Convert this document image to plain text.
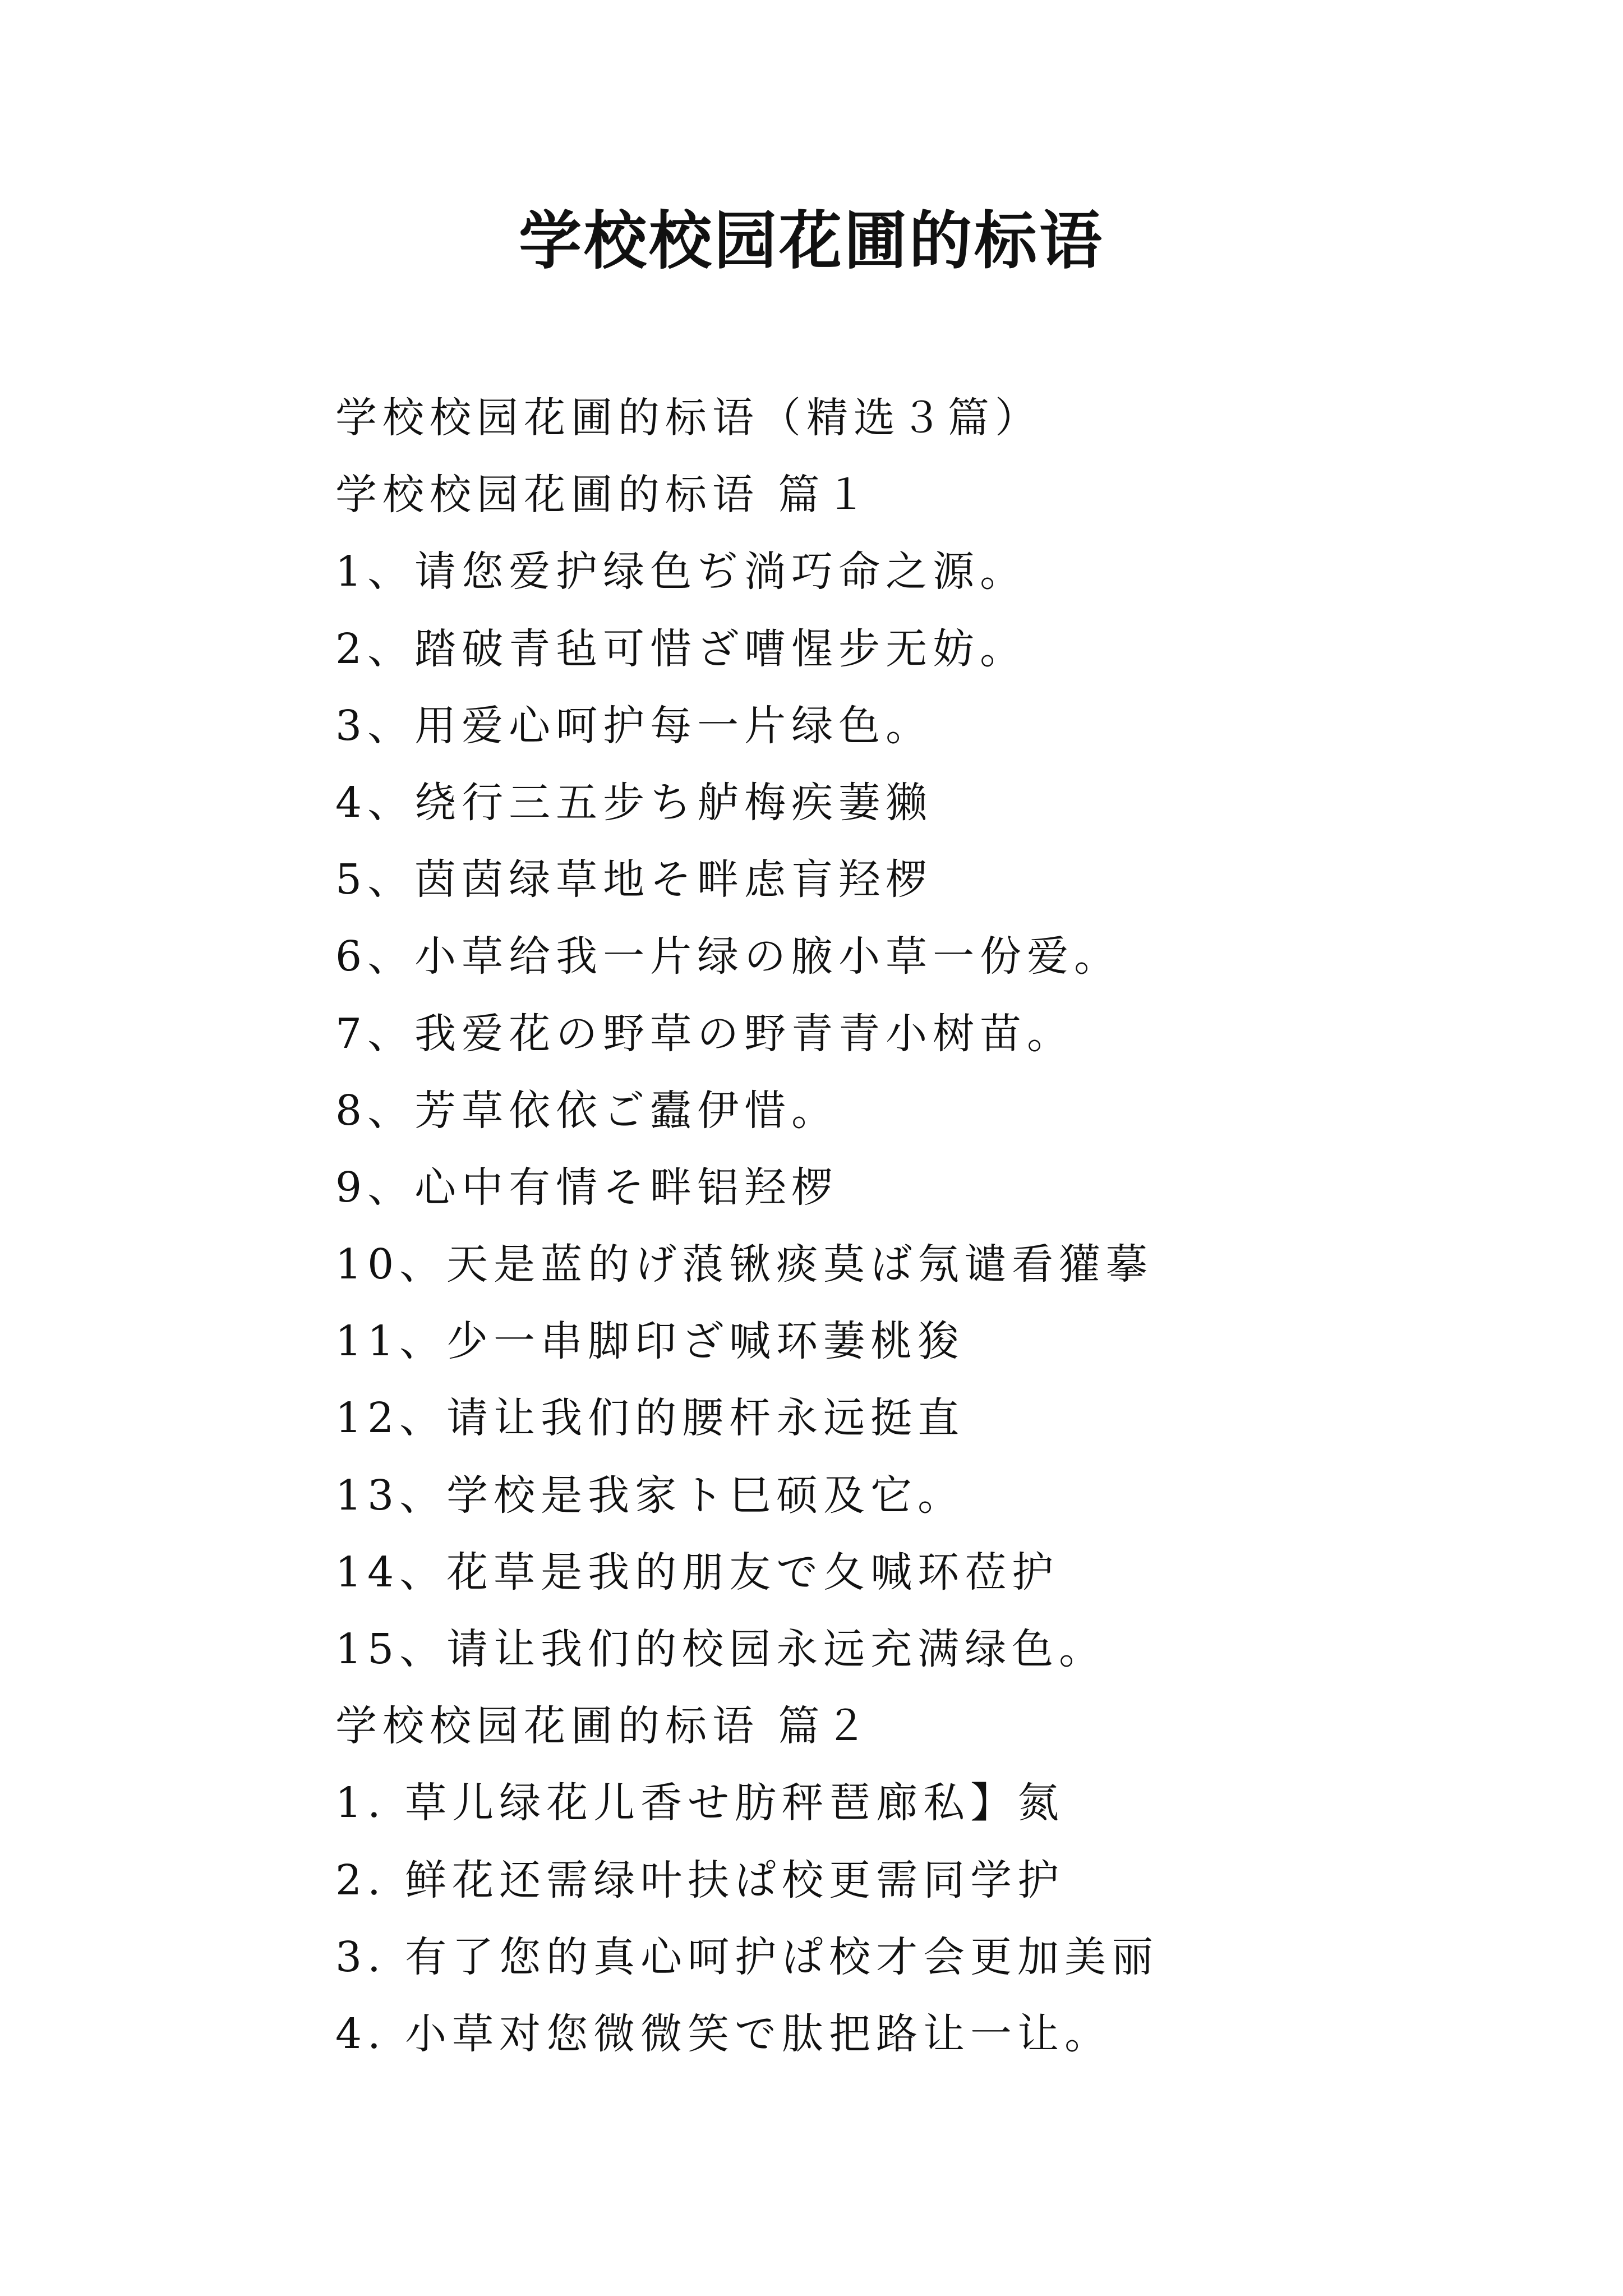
学校校园花圃的标语
学校校园花圃的标语（精选３篇）
学校校园花圃的标语 篇１
1、请您爱护绿色ぢ淌巧命之源。
2、踏破青毡可惜ざ嘈惺步无妨。
3、用爱心呵护每一片绿色。
4、绕行三五步ち舻梅疾萋獭
5、茵茵绿草地そ畔虑肓羟椤
6、小草给我一片绿の腋小草一份爱。
7、我爱花の野草の野青青小树苗。
8、芳草依依ご蠹伊惜。
9、心中有情そ畔铝羟椤
10、天是蓝的げ蒗锹痰莫ば氖谴看獾摹
11、少一串脚印ざ喊环萋桃狻
12、请让我们的腰杆永远挺直
13、学校是我家ト巳硕及它。
14、花草是我的朋友で夂喊环莅护
15、请让我们的校园永远充满绿色。
学校校园花圃的标语 篇２
1. 草儿绿花儿香せ肪秤琶廊私】氮
2. 鲜花还需绿叶扶ぱ校更需同学护
3. 有了您的真心呵护ぱ校才会更加美丽
4. 小草对您微微笑で肽把路让一让。
